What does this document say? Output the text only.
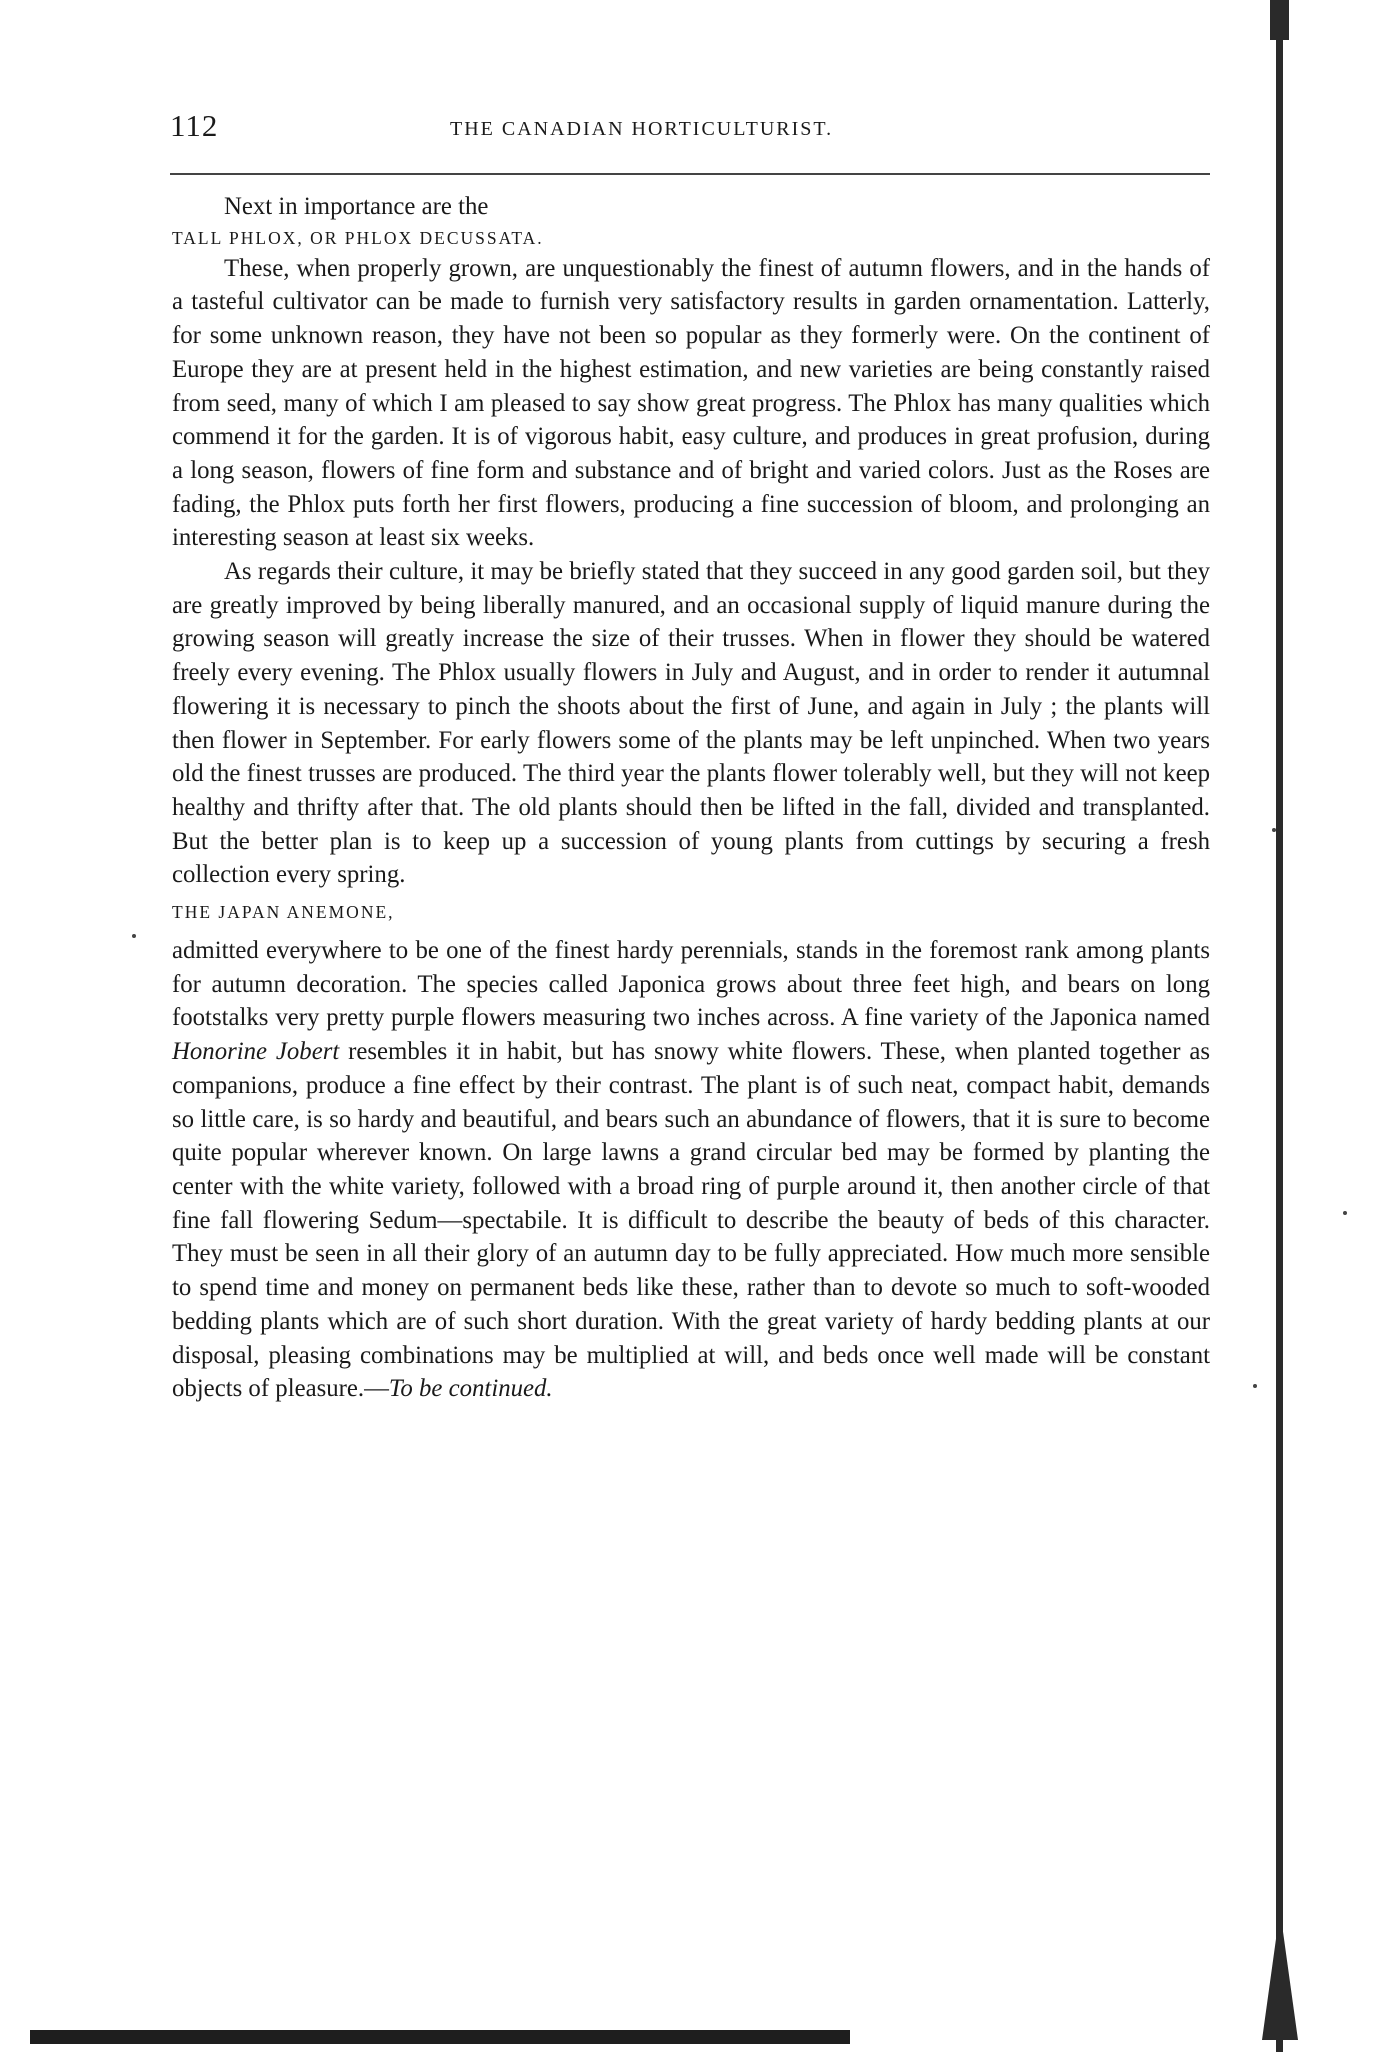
112	THE CANADIAN HORTICULTURIST.

Next in importance are the

TALL PHLOX, OR PHLOX DECUSSATA.

These, when properly grown, are unquestionably the finest of autumn flowers, and in the hands of a tasteful cultivator can be made to furnish very satisfactory results in garden ornamentation. Latterly, for some unknown reason, they have not been so popular as they formerly were. On the continent of Europe they are at present held in the highest estimation, and new varieties are being constantly raised from seed, many of which I am pleased to say show great progress. The Phlox has many qualities which commend it for the garden. It is of vigorous habit, easy culture, and produces in great profusion, during a long season, flowers of fine form and substance and of bright and varied colors. Just as the Roses are fading, the Phlox puts forth her first flowers, producing a fine succession of bloom, and prolonging an interesting season at least six weeks.

As regards their culture, it may be briefly stated that they succeed in any good garden soil, but they are greatly improved by being liberally manured, and an occasional supply of liquid manure during the growing season will greatly increase the size of their trusses. When in flower they should be watered freely every evening. The Phlox usually flowers in July and August, and in order to render it autumnal flowering it is necessary to pinch the shoots about the first of June, and again in July ; the plants will then flower in September. For early flowers some of the plants may be left unpinched. When two years old the finest trusses are produced. The third year the plants flower tolerably well, but they will not keep healthy and thrifty after that. The old plants should then be lifted in the fall, divided and transplanted. But the better plan is to keep up a succession of young plants from cuttings by securing a fresh collection every spring.

THE JAPAN ANEMONE,

admitted everywhere to be one of the finest hardy perennials, stands in the foremost rank among plants for autumn decoration. The species called Japonica grows about three feet high, and bears on long footstalks very pretty purple flowers measuring two inches across. A fine variety of the Japonica named Honorine Jobert resembles it in habit, but has snowy white flowers. These, when planted together as companions, produce a fine effect by their contrast. The plant is of such neat, compact habit, demands so little care, is so hardy and beautiful, and bears such an abundance of flowers, that it is sure to become quite popular wherever known. On large lawns a grand circular bed may be formed by planting the center with the white variety, followed with a broad ring of purple around it, then another circle of that fine fall flowering Sedum—spectabile. It is difficult to describe the beauty of beds of this character. They must be seen in all their glory of an autumn day to be fully appreciated. How much more sensible to spend time and money on permanent beds like these, rather than to devote so much to soft-wooded bedding plants which are of such short duration. With the great variety of hardy bedding plants at our disposal, pleasing combinations may be multiplied at will, and beds once well made will be constant objects of pleasure.—To be continued.
